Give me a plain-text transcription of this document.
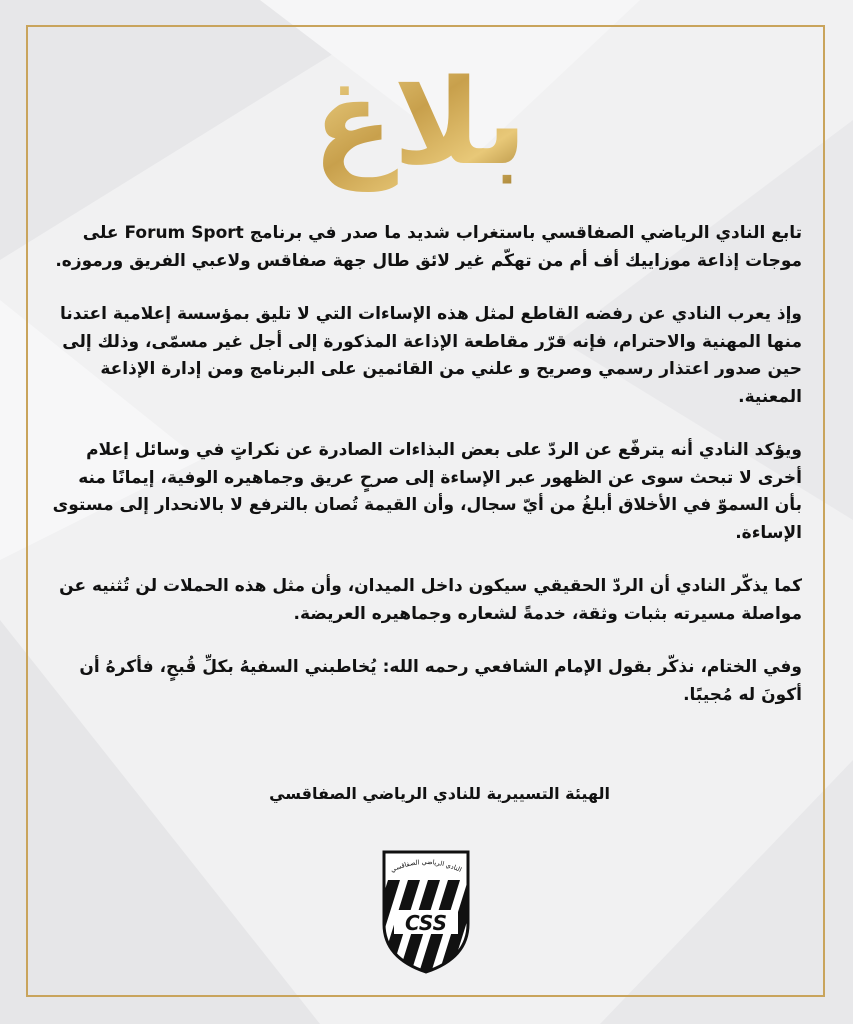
بلاغ

تابع النادي الرياضي الصفاقسي باستغراب شديد ما صدر في برنامج Forum Sport على موجات إذاعة موزاييك أف أم من تهكّم غير لائق طال جهة صفاقس ولاعبي الفريق ورموزه.

وإذ يعرب النادي عن رفضه القاطع لمثل هذه الإساءات التي لا تليق بمؤسسة إعلامية اعتدنا منها المهنية والاحترام، فإنه قرّر مقاطعة الإذاعة المذكورة إلى أجل غير مسمّى، وذلك إلى حين صدور اعتذار رسمي وصريح و علني من القائمين على البرنامج ومن إدارة الإذاعة المعنية.

ويؤكد النادي أنه يترفّع عن الردّ على بعض البذاءات الصادرة عن نكراتٍ في وسائل إعلام أخرى لا تبحث سوى عن الظهور عبر الإساءة إلى صرحٍ عريق وجماهيره الوفية، إيمانًا منه بأن السموّ في الأخلاق أبلغُ من أيّ سجال، وأن القيمة تُصان بالترفع لا بالانحدار إلى مستوى الإساءة.

كما يذكّر النادي أن الردّ الحقيقي سيكون داخل الميدان، وأن مثل هذه الحملات لن تُثنيه عن مواصلة مسيرته بثبات وثقة، خدمةً لشعاره وجماهيره العريضة.

وفي الختام، نذكّر بقول الإمام الشافعي رحمه الله: يُخاطبني السفيهُ بكلِّ قُبحٍ، فأكرهُ أن أكونَ له مُجيبًا.

الهيئة التسييرية للنادي الرياضي الصفاقسي
النادي الرياضي الصفاقسي
CSS
